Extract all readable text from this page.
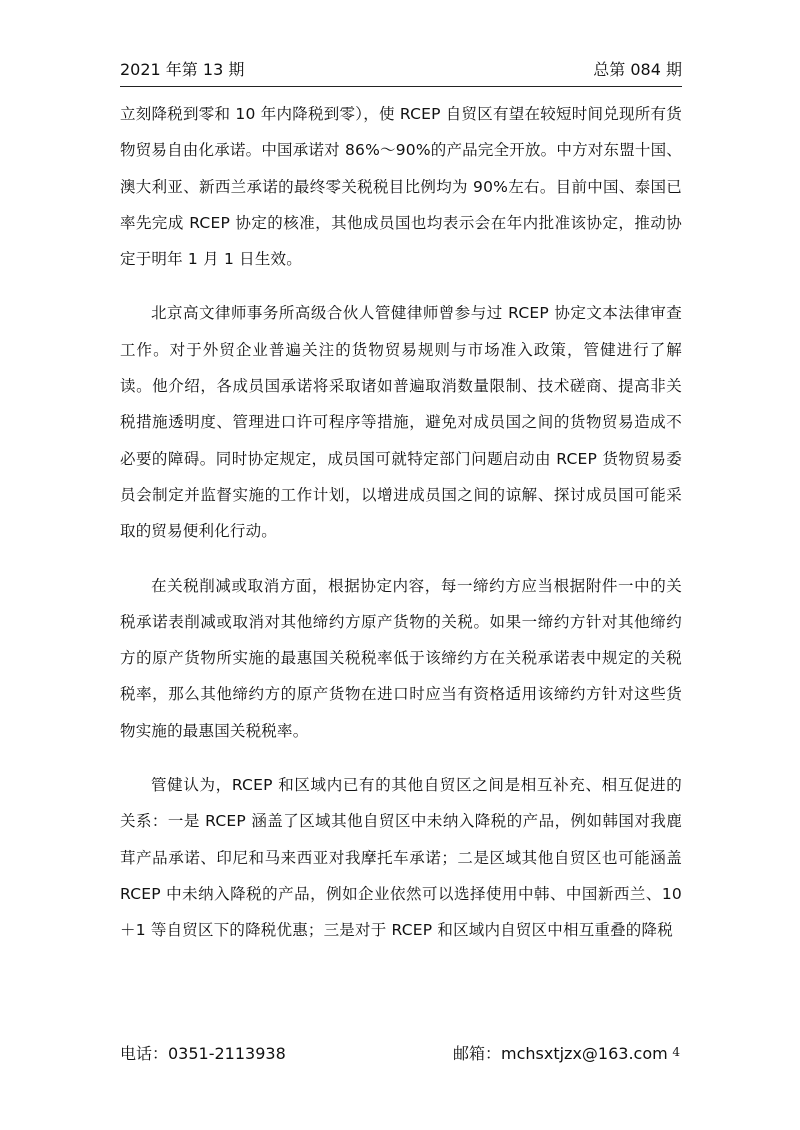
2021 年第 13 期	总第 084 期

立刻降税到零和 10 年内降税到零），使 RCEP 自贸区有望在较短时间兑现所有货物贸易自由化承诺。中国承诺对 86%～90%的产品完全开放。中方对东盟十国、澳大利亚、新西兰承诺的最终零关税税目比例均为 90%左右。目前中国、泰国已率先完成 RCEP 协定的核准，其他成员国也均表示会在年内批准该协定，推动协定于明年 1 月 1 日生效。

北京高文律师事务所高级合伙人管健律师曾参与过 RCEP 协定文本法律审查工作。对于外贸企业普遍关注的货物贸易规则与市场准入政策，管健进行了解读。他介绍，各成员国承诺将采取诸如普遍取消数量限制、技术磋商、提高非关税措施透明度、管理进口许可程序等措施，避免对成员国之间的货物贸易造成不必要的障碍。同时协定规定，成员国可就特定部门问题启动由 RCEP 货物贸易委员会制定并监督实施的工作计划，以增进成员国之间的谅解、探讨成员国可能采取的贸易便利化行动。

在关税削减或取消方面，根据协定内容，每一缔约方应当根据附件一中的关税承诺表削减或取消对其他缔约方原产货物的关税。如果一缔约方针对其他缔约方的原产货物所实施的最惠国关税税率低于该缔约方在关税承诺表中规定的关税税率，那么其他缔约方的原产货物在进口时应当有资格适用该缔约方针对这些货物实施的最惠国关税税率。

管健认为，RCEP 和区域内已有的其他自贸区之间是相互补充、相互促进的关系：一是 RCEP 涵盖了区域其他自贸区中未纳入降税的产品，例如韩国对我鹿茸产品承诺、印尼和马来西亚对我摩托车承诺；二是区域其他自贸区也可能涵盖 RCEP 中未纳入降税的产品，例如企业依然可以选择使用中韩、中国新西兰、10＋1 等自贸区下的降税优惠；三是对于 RCEP 和区域内自贸区中相互重叠的降税

电话：0351-2113938	邮箱：mchsxtjzx@163.com 4
